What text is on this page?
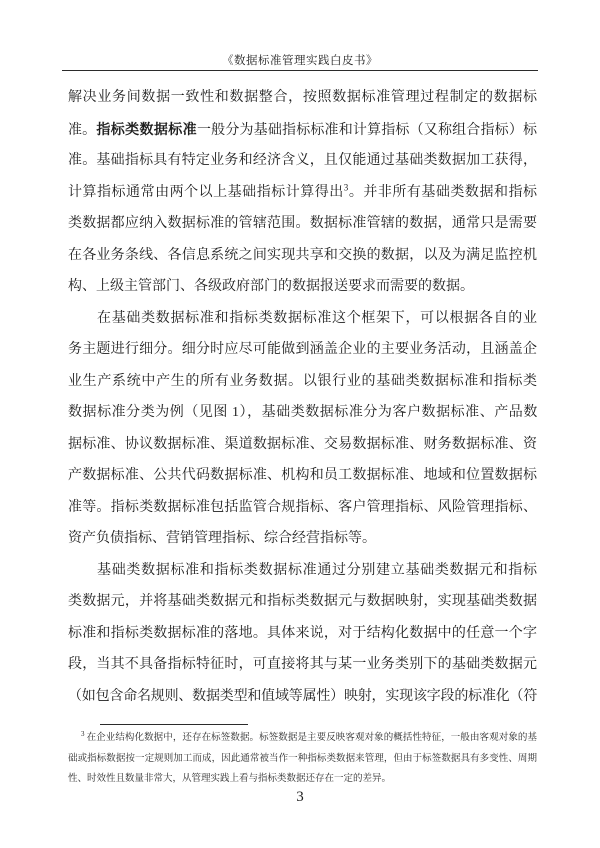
《数据标准管理实践白皮书》
解决业务间数据一致性和数据整合，按照数据标准管理过程制定的数据标
准。指标类数据标准一般分为基础指标标准和计算指标（又称组合指标）标
准。基础指标具有特定业务和经济含义，且仅能通过基础类数据加工获得，
计算指标通常由两个以上基础指标计算得出$^3$。并非所有基础类数据和指标
类数据都应纳入数据标准的管辖范围。数据标准管辖的数据，通常只是需要
在各业务条线、各信息系统之间实现共享和交换的数据，以及为满足监控机
构、上级主管部门、各级政府部门的数据报送要求而需要的数据。
在基础类数据标准和指标类数据标准这个框架下，可以根据各自的业
务主题进行细分。细分时应尽可能做到涵盖企业的主要业务活动，且涵盖企
业生产系统中产生的所有业务数据。以银行业的基础类数据标准和指标类
数据标准分类为例（见图 1），基础类数据标准分为客户数据标准、产品数
据标准、协议数据标准、渠道数据标准、交易数据标准、财务数据标准、资
产数据标准、公共代码数据标准、机构和员工数据标准、地域和位置数据标
准等。指标类数据标准包括监管合规指标、客户管理指标、风险管理指标、
资产负债指标、营销管理指标、综合经营指标等。
基础类数据标准和指标类数据标准通过分别建立基础类数据元和指标
类数据元，并将基础类数据元和指标类数据元与数据映射，实现基础类数据
标准和指标类数据标准的落地。具体来说，对于结构化数据中的任意一个字
段，当其不具备指标特征时，可直接将其与某一业务类别下的基础类数据元
（如包含命名规则、数据类型和值域等属性）映射，实现该字段的标准化（符
$^3$ 在企业结构化数据中，还存在标签数据。标签数据是主要反映客观对象的概括性特征，一般由客观对象的基
础或指标数据按一定规则加工而成，因此通常被当作一种指标类数据来管理，但由于标签数据具有多变性、周期
性、时效性且数量非常大，从管理实践上看与指标类数据还存在一定的差异。
3
